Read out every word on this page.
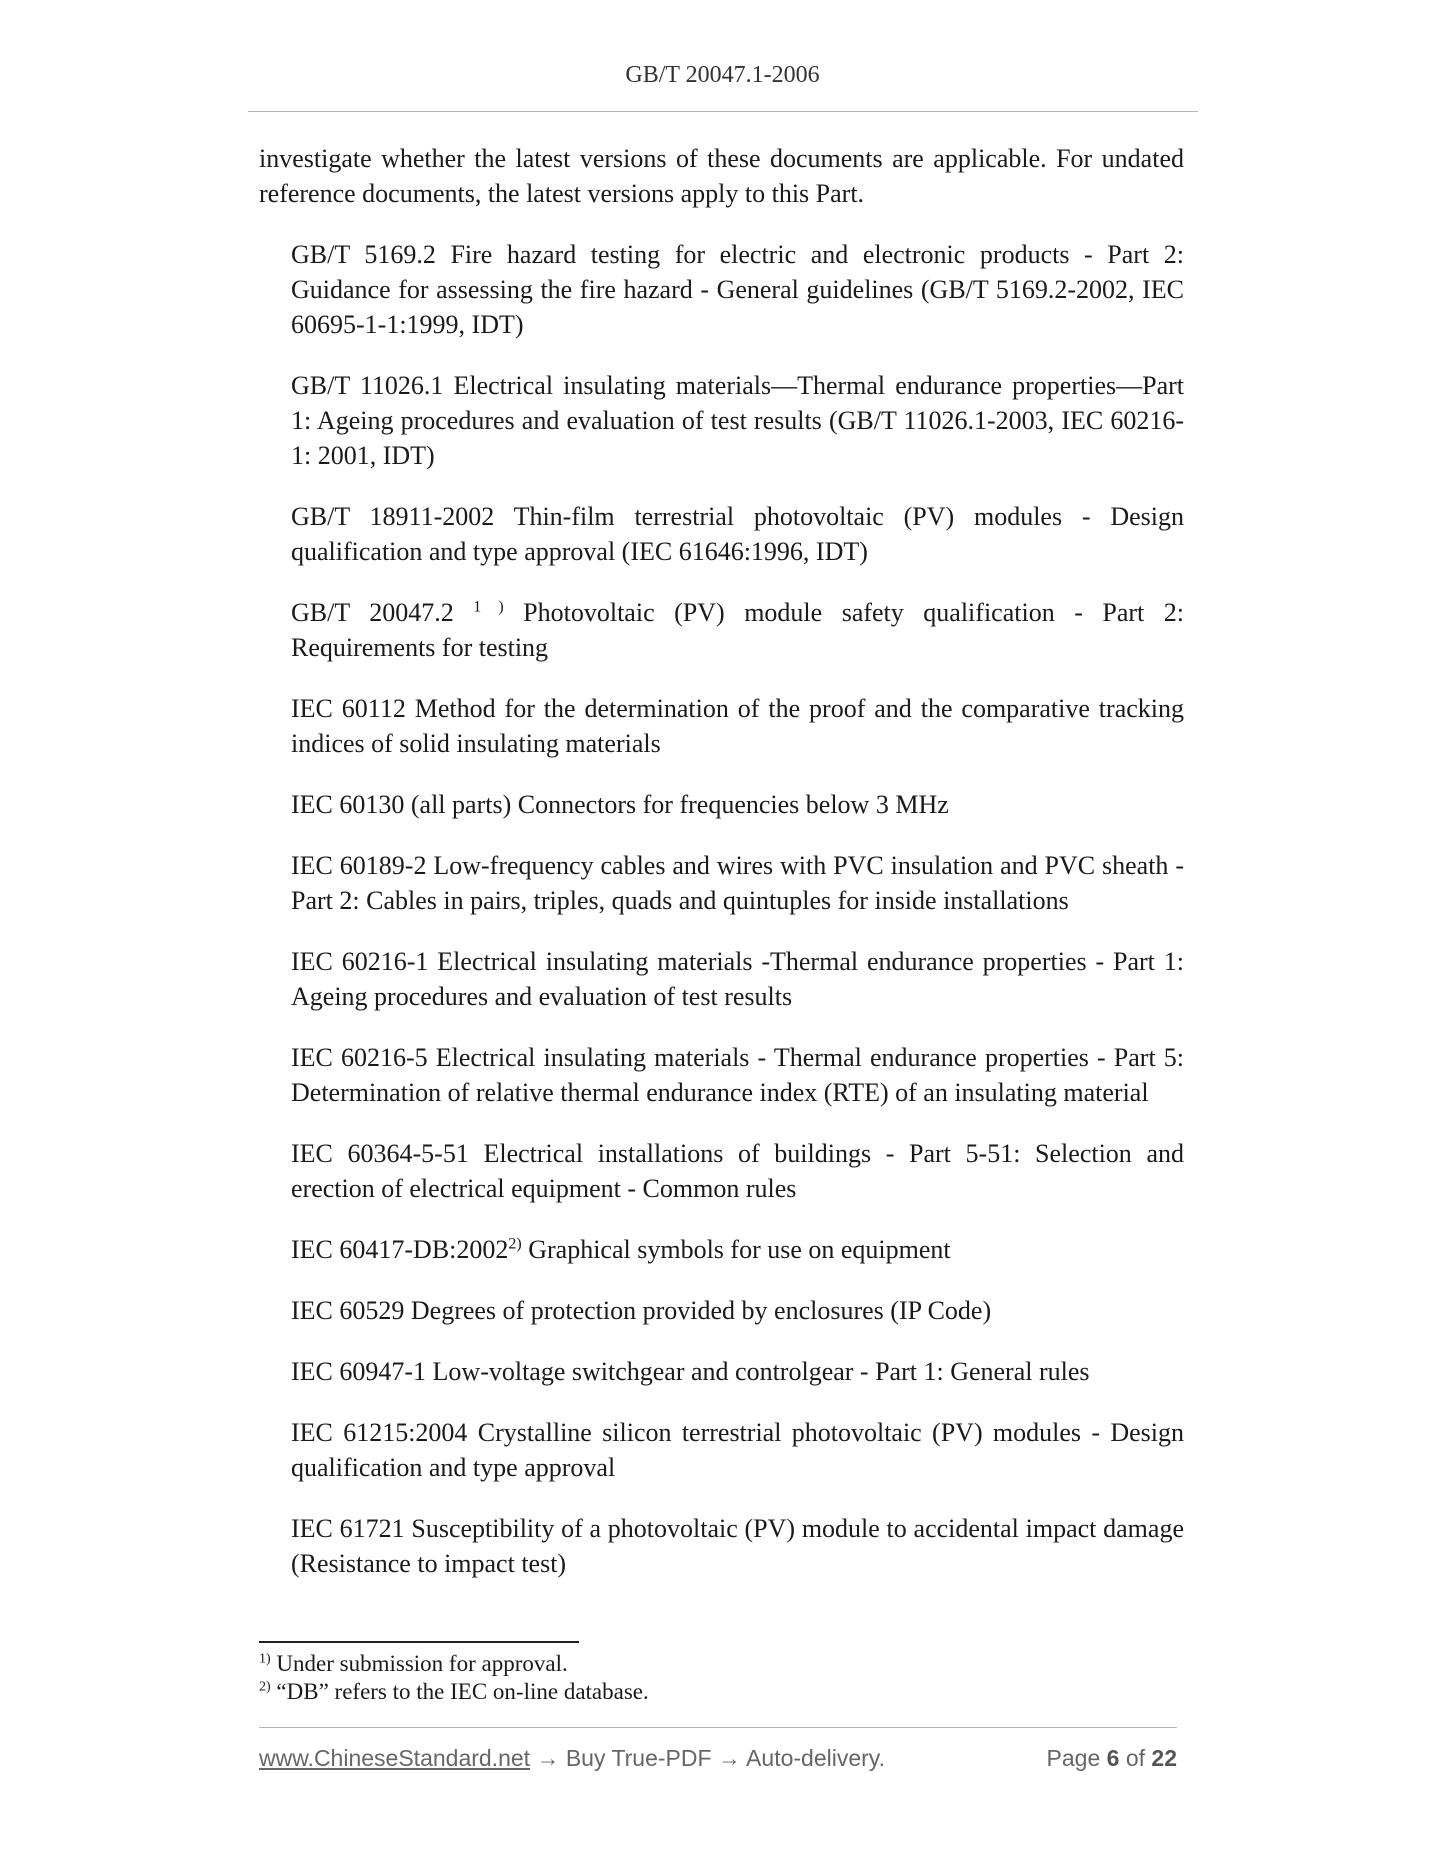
GB/T 20047.1-2006

investigate whether the latest versions of these documents are applicable. For undated reference documents, the latest versions apply to this Part.

GB/T 5169.2 Fire hazard testing for electric and electronic products - Part 2: Guidance for assessing the fire hazard - General guidelines (GB/T 5169.2-2002, IEC 60695-1-1:1999, IDT)

GB/T 11026.1 Electrical insulating materials—Thermal endurance properties—Part 1: Ageing procedures and evaluation of test results (GB/T 11026.1-2003, IEC 60216-1: 2001, IDT)

GB/T 18911-2002 Thin-film terrestrial photovoltaic (PV) modules - Design qualification and type approval (IEC 61646:1996, IDT)

GB/T 20047.2 $^{1 )}$ Photovoltaic (PV) module safety qualification - Part 2: Requirements for testing

IEC 60112 Method for the determination of the proof and the comparative tracking indices of solid insulating materials

IEC 60130 (all parts) Connectors for frequencies below 3 MHz

IEC 60189-2 Low-frequency cables and wires with PVC insulation and PVC sheath - Part 2: Cables in pairs, triples, quads and quintuples for inside installations

IEC 60216-1 Electrical insulating materials -Thermal endurance properties - Part 1: Ageing procedures and evaluation of test results

IEC 60216-5 Electrical insulating materials - Thermal endurance properties - Part 5: Determination of relative thermal endurance index (RTE) of an insulating material

IEC 60364-5-51 Electrical installations of buildings - Part 5-51: Selection and erection of electrical equipment - Common rules

IEC 60417-DB:2002$^{2)}$ Graphical symbols for use on equipment

IEC 60529 Degrees of protection provided by enclosures (IP Code)

IEC 60947-1 Low-voltage switchgear and controlgear - Part 1: General rules

IEC 61215:2004 Crystalline silicon terrestrial photovoltaic (PV) modules - Design qualification and type approval

IEC 61721 Susceptibility of a photovoltaic (PV) module to accidental impact damage (Resistance to impact test)

$^{1)}$ Under submission for approval.

$^{2)}$ “DB” refers to the IEC on-line database.

www.ChineseStandard.net → Buy True-PDF → Auto-delivery.	Page 6 of 22
